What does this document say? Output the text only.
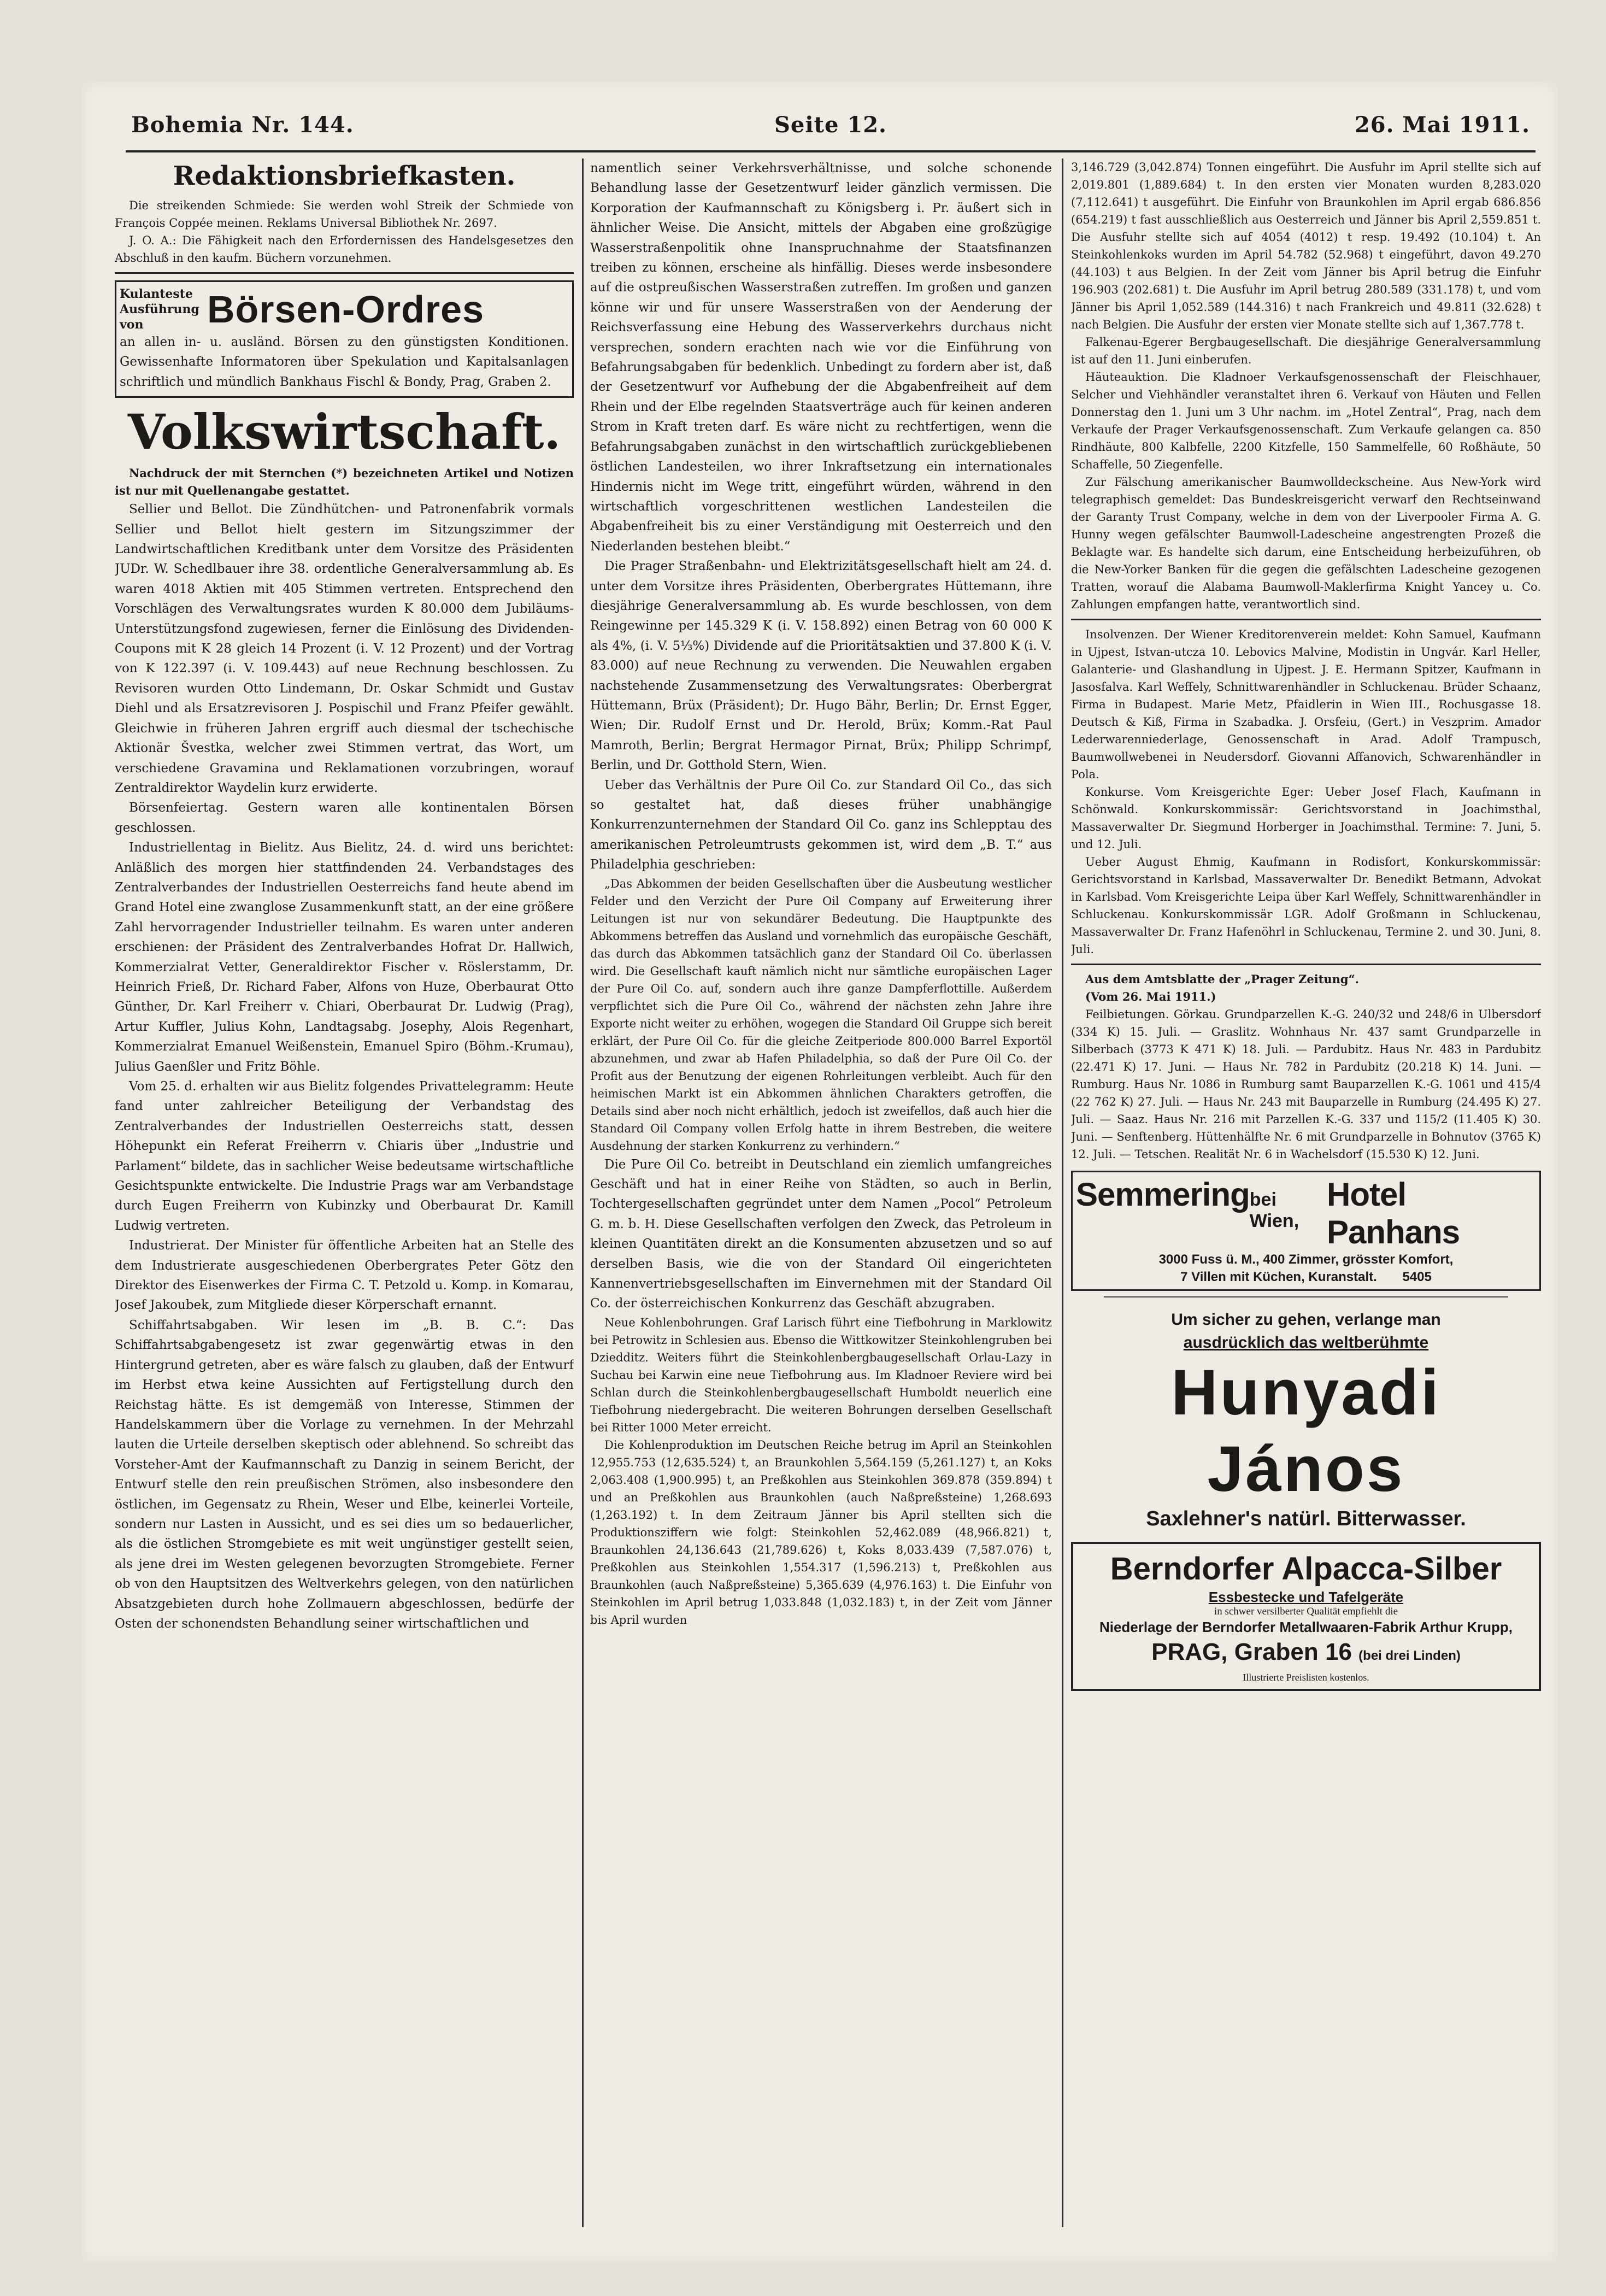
Bohemia Nr. 144.	Seite 12.	26. Mai 1911.
Redaktionsbriefkasten.

Die streikenden Schmiede: Sie werden wohl Streik der Schmiede von François Coppée meinen. Reklams Universal Bibliothek Nr. 2697.

J. O. A.: Die Fähigkeit nach den Erfordernissen des Handelsgesetzes den Abschluß in den kaufm. Büchern vorzunehmen.

Kulanteste Ausführung von	Börsen-Ordres

an allen in- u. ausländ. Börsen zu den günstigsten Konditionen. Gewissenhafte Informatoren über Spekulation und Kapitalsanlagen schriftlich und mündlich Bankhaus Fischl & Bondy, Prag, Graben 2.

Volkswirtschaft.

Nachdruck der mit Sternchen (*) bezeichneten Artikel und Notizen ist nur mit Quellenangabe gestattet.

Sellier und Bellot. Die Zündhütchen- und Patronenfabrik vormals Sellier und Bellot hielt gestern im Sitzungszimmer der Landwirtschaftlichen Kreditbank unter dem Vorsitze des Präsidenten JUDr. W. Schedlbauer ihre 38. ordentliche Generalversammlung ab. Es waren 4018 Aktien mit 405 Stimmen vertreten. Entsprechend den Vorschlägen des Verwaltungsrates wurden K 80.000 dem Jubiläums-Unterstützungsfond zugewiesen, ferner die Einlösung des Dividenden-Coupons mit K 28 gleich 14 Prozent (i. V. 12 Prozent) und der Vortrag von K 122.397 (i. V. 109.443) auf neue Rechnung beschlossen. Zu Revisoren wurden Otto Lindemann, Dr. Oskar Schmidt und Gustav Diehl und als Ersatzrevisoren J. Pospischil und Franz Pfeifer gewählt. Gleichwie in früheren Jahren ergriff auch diesmal der tschechische Aktionär Švestka, welcher zwei Stimmen vertrat, das Wort, um verschiedene Gravamina und Reklamationen vorzubringen, worauf Zentraldirektor Waydelin kurz erwiderte.

Börsenfeiertag. Gestern waren alle kontinentalen Börsen geschlossen.

Industriellentag in Bielitz. Aus Bielitz, 24. d. wird uns berichtet: Anläßlich des morgen hier stattfindenden 24. Verbandstages des Zentralverbandes der Industriellen Oesterreichs fand heute abend im Grand Hotel eine zwanglose Zusammenkunft statt, an der eine größere Zahl hervorragender Industrieller teilnahm. Es waren unter anderen erschienen: der Präsident des Zentralverbandes Hofrat Dr. Hallwich, Kommerzialrat Vetter, Generaldirektor Fischer v. Röslerstamm, Dr. Heinrich Frieß, Dr. Richard Faber, Alfons von Huze, Oberbaurat Otto Günther, Dr. Karl Freiherr v. Chiari, Oberbaurat Dr. Ludwig (Prag), Artur Kuffler, Julius Kohn, Landtagsabg. Josephy, Alois Regenhart, Kommerzialrat Emanuel Weißenstein, Emanuel Spiro (Böhm.-Krumau), Julius Gaenßler und Fritz Böhle.

Vom 25. d. erhalten wir aus Bielitz folgendes Privattelegramm: Heute fand unter zahlreicher Beteiligung der Verbandstag des Zentralverbandes der Industriellen Oesterreichs statt, dessen Höhepunkt ein Referat Freiherrn v. Chiaris über „Industrie und Parlament“ bildete, das in sachlicher Weise bedeutsame wirtschaftliche Gesichtspunkte entwickelte. Die Industrie Prags war am Verbandstage durch Eugen Freiherrn von Kubinzky und Oberbaurat Dr. Kamill Ludwig vertreten.

Industrierat. Der Minister für öffentliche Arbeiten hat an Stelle des dem Industrierate ausgeschiedenen Oberbergrates Peter Götz den Direktor des Eisenwerkes der Firma C. T. Petzold u. Komp. in Komarau, Josef Jakoubek, zum Mitgliede dieser Körperschaft ernannt.

Schiffahrtsabgaben. Wir lesen im „B. B. C.“: Das Schiffahrtsabgabengesetz ist zwar gegenwärtig etwas in den Hintergrund getreten, aber es wäre falsch zu glauben, daß der Entwurf im Herbst etwa keine Aussichten auf Fertigstellung durch den Reichstag hätte. Es ist demgemäß von Interesse, Stimmen der Handelskammern über die Vorlage zu vernehmen. In der Mehrzahl lauten die Urteile derselben skeptisch oder ablehnend. So schreibt das Vorsteher-Amt der Kaufmannschaft zu Danzig in seinem Bericht, der Entwurf stelle den rein preußischen Strömen, also insbesondere den östlichen, im Gegensatz zu Rhein, Weser und Elbe, keinerlei Vorteile, sondern nur Lasten in Aussicht, und es sei dies um so bedauerlicher, als die östlichen Stromgebiete es mit weit ungünstiger gestellt seien, als jene drei im Westen gelegenen bevorzugten Stromgebiete. Ferner ob von den Hauptsitzen des Weltverkehrs gelegen, von den natürlichen Absatzgebieten durch hohe Zollmauern abgeschlossen, bedürfe der Osten der schonendsten Behandlung seiner wirtschaftlichen und

namentlich seiner Verkehrsverhältnisse, und solche schonende Behandlung lasse der Gesetzentwurf leider gänzlich vermissen. Die Korporation der Kaufmannschaft zu Königsberg i. Pr. äußert sich in ähnlicher Weise. Die Ansicht, mittels der Abgaben eine großzügige Wasserstraßenpolitik ohne Inanspruchnahme der Staatsfinanzen treiben zu können, erscheine als hinfällig. Dieses werde insbesondere auf die ostpreußischen Wasserstraßen zutreffen. Im großen und ganzen könne wir und für unsere Wasserstraßen von der Aenderung der Reichsverfassung eine Hebung des Wasserverkehrs durchaus nicht versprechen, sondern erachten nach wie vor die Einführung von Befahrungsabgaben für bedenklich. Unbedingt zu fordern aber ist, daß der Gesetzentwurf vor Aufhebung der die Abgabenfreiheit auf dem Rhein und der Elbe regelnden Staatsverträge auch für keinen anderen Strom in Kraft treten darf. Es wäre nicht zu rechtfertigen, wenn die Befahrungsabgaben zunächst in den wirtschaftlich zurückgebliebenen östlichen Landesteilen, wo ihrer Inkraftsetzung ein internationales Hindernis nicht im Wege tritt, eingeführt würden, während in den wirtschaftlich vorgeschrittenen westlichen Landesteilen die Abgabenfreiheit bis zu einer Verständigung mit Oesterreich und den Niederlanden bestehen bleibt.“

Die Prager Straßenbahn- und Elektrizitätsgesellschaft hielt am 24. d. unter dem Vorsitze ihres Präsidenten, Oberbergrates Hüttemann, ihre diesjährige Generalversammlung ab. Es wurde beschlossen, von dem Reingewinne per 145.329 K (i. V. 158.892) einen Betrag von 60 000 K als 4%, (i. V. 5⅓%) Dividende auf die Prioritätsaktien und 37.800 K (i. V. 83.000) auf neue Rechnung zu verwenden. Die Neuwahlen ergaben nachstehende Zusammensetzung des Verwaltungsrates: Oberbergrat Hüttemann, Brüx (Präsident); Dr. Hugo Bähr, Berlin; Dr. Ernst Egger, Wien; Dir. Rudolf Ernst und Dr. Herold, Brüx; Komm.-Rat Paul Mamroth, Berlin; Bergrat Hermagor Pirnat, Brüx; Philipp Schrimpf, Berlin, und Dr. Gotthold Stern, Wien.

Ueber das Verhältnis der Pure Oil Co. zur Standard Oil Co., das sich so gestaltet hat, daß dieses früher unabhängige Konkurrenzunternehmen der Standard Oil Co. ganz ins Schlepptau des amerikanischen Petroleumtrusts gekommen ist, wird dem „B. T.“ aus Philadelphia geschrieben:

„Das Abkommen der beiden Gesellschaften über die Ausbeutung westlicher Felder und den Verzicht der Pure Oil Company auf Erweiterung ihrer Leitungen ist nur von sekundärer Bedeutung. Die Hauptpunkte des Abkommens betreffen das Ausland und vornehmlich das europäische Geschäft, das durch das Abkommen tatsächlich ganz der Standard Oil Co. überlassen wird. Die Gesellschaft kauft nämlich nicht nur sämtliche europäischen Lager der Pure Oil Co. auf, sondern auch ihre ganze Dampferflottille. Außerdem verpflichtet sich die Pure Oil Co., während der nächsten zehn Jahre ihre Exporte nicht weiter zu erhöhen, wogegen die Standard Oil Gruppe sich bereit erklärt, der Pure Oil Co. für die gleiche Zeitperiode 800.000 Barrel Exportöl abzunehmen, und zwar ab Hafen Philadelphia, so daß der Pure Oil Co. der Profit aus der Benutzung der eigenen Rohrleitungen verbleibt. Auch für den heimischen Markt ist ein Abkommen ähnlichen Charakters getroffen, die Details sind aber noch nicht erhältlich, jedoch ist zweifellos, daß auch hier die Standard Oil Company vollen Erfolg hatte in ihrem Bestreben, die weitere Ausdehnung der starken Konkurrenz zu verhindern.“

Die Pure Oil Co. betreibt in Deutschland ein ziemlich umfangreiches Geschäft und hat in einer Reihe von Städten, so auch in Berlin, Tochtergesellschaften gegründet unter dem Namen „Pocol“ Petroleum G. m. b. H. Diese Gesellschaften verfolgen den Zweck, das Petroleum in kleinen Quantitäten direkt an die Konsumenten abzusetzen und so auf derselben Basis, wie die von der Standard Oil eingerichteten Kannenvertriebsgesellschaften im Einvernehmen mit der Standard Oil Co. der österreichischen Konkurrenz das Geschäft abzugraben.

Neue Kohlenbohrungen. Graf Larisch führt eine Tiefbohrung in Marklowitz bei Petrowitz in Schlesien aus. Ebenso die Wittkowitzer Steinkohlengruben bei Dziedditz. Weiters führt die Steinkohlenbergbaugesellschaft Orlau-Lazy in Suchau bei Karwin eine neue Tiefbohrung aus. Im Kladnoer Reviere wird bei Schlan durch die Steinkohlenbergbaugesellschaft Humboldt neuerlich eine Tiefbohrung niedergebracht. Die weiteren Bohrungen derselben Gesellschaft bei Ritter 1000 Meter erreicht.

Die Kohlenproduktion im Deutschen Reiche betrug im April an Steinkohlen 12,955.753 (12,635.524) t, an Braunkohlen 5,564.159 (5,261.127) t, an Koks 2,063.408 (1,900.995) t, an Preßkohlen aus Steinkohlen 369.878 (359.894) t und an Preßkohlen aus Braunkohlen (auch Naßpreßsteine) 1,268.693 (1,263.192) t. In dem Zeitraum Jänner bis April stellten sich die Produktionsziffern wie folgt: Steinkohlen 52,462.089 (48,966.821) t, Braunkohlen 24,136.643 (21,789.626) t, Koks 8,033.439 (7,587.076) t, Preßkohlen aus Steinkohlen 1,554.317 (1,596.213) t, Preßkohlen aus Braunkohlen (auch Naßpreßsteine) 5,365.639 (4,976.163) t. Die Einfuhr von Steinkohlen im April betrug 1,033.848 (1,032.183) t, in der Zeit vom Jänner bis April wurden

3,146.729 (3,042.874) Tonnen eingeführt. Die Ausfuhr im April stellte sich auf 2,019.801 (1,889.684) t. In den ersten vier Monaten wurden 8,283.020 (7,112.641) t ausgeführt. Die Einfuhr von Braunkohlen im April ergab 686.856 (654.219) t fast ausschließlich aus Oesterreich und Jänner bis April 2,559.851 t. Die Ausfuhr stellte sich auf 4054 (4012) t resp. 19.492 (10.104) t. An Steinkohlenkoks wurden im April 54.782 (52.968) t eingeführt, davon 49.270 (44.103) t aus Belgien. In der Zeit vom Jänner bis April betrug die Einfuhr 196.903 (202.681) t. Die Ausfuhr im April betrug 280.589 (331.178) t, und vom Jänner bis April 1,052.589 (144.316) t nach Frankreich und 49.811 (32.628) t nach Belgien. Die Ausfuhr der ersten vier Monate stellte sich auf 1,367.778 t.

Falkenau-Egerer Bergbaugesellschaft. Die diesjährige Generalversammlung ist auf den 11. Juni einberufen.

Häuteauktion. Die Kladnoer Verkaufsgenossenschaft der Fleischhauer, Selcher und Viehhändler veranstaltet ihren 6. Verkauf von Häuten und Fellen Donnerstag den 1. Juni um 3 Uhr nachm. im „Hotel Zentral“, Prag, nach dem Verkaufe der Prager Verkaufsgenossenschaft. Zum Verkaufe gelangen ca. 850 Rindhäute, 800 Kalbfelle, 2200 Kitzfelle, 150 Sammelfelle, 60 Roßhäute, 50 Schaffelle, 50 Ziegenfelle.

Zur Fälschung amerikanischer Baumwolldeckscheine. Aus New-York wird telegraphisch gemeldet: Das Bundeskreisgericht verwarf den Rechtseinwand der Garanty Trust Company, welche in dem von der Liverpooler Firma A. G. Hunny wegen gefälschter Baumwoll-Ladescheine angestrengten Prozeß die Beklagte war. Es handelte sich darum, eine Entscheidung herbeizuführen, ob die New-Yorker Banken für die gegen die gefälschten Ladescheine gezogenen Tratten, worauf die Alabama Baumwoll-Maklerfirma Knight Yancey u. Co. Zahlungen empfangen hatte, verantwortlich sind.

Insolvenzen. Der Wiener Kreditorenverein meldet: Kohn Samuel, Kaufmann in Ujpest, Istvan-utcza 10. Lebovics Malvine, Modistin in Ungvár. Karl Heller, Galanterie- und Glashandlung in Ujpest. J. E. Hermann Spitzer, Kaufmann in Jasosfalva. Karl Weffely, Schnittwarenhändler in Schluckenau. Brüder Schaanz, Firma in Budapest. Marie Metz, Pfaidlerin in Wien III., Rochusgasse 18. Deutsch & Kiß, Firma in Szabadka. J. Orsfeiu, (Gert.) in Veszprim. Amador Lederwarenniederlage, Genossenschaft in Arad. Adolf Trampusch, Baumwollwebenei in Neudersdorf. Giovanni Affanovich, Schwarenhändler in Pola.

Konkurse. Vom Kreisgerichte Eger: Ueber Josef Flach, Kaufmann in Schönwald. Konkurskommissär: Gerichtsvorstand in Joachimsthal, Massaverwalter Dr. Siegmund Horberger in Joachimsthal. Termine: 7. Juni, 5. und 12. Juli.

Ueber August Ehmig, Kaufmann in Rodisfort, Konkurskommissär: Gerichtsvorstand in Karlsbad, Massaverwalter Dr. Benedikt Betmann, Advokat in Karlsbad. Vom Kreisgerichte Leipa über Karl Weffely, Schnittwarenhändler in Schluckenau. Konkurskommissär LGR. Adolf Großmann in Schluckenau, Massaverwalter Dr. Franz Hafenöhrl in Schluckenau, Termine 2. und 30. Juni, 8. Juli.

Aus dem Amtsblatte der „Prager Zeitung“.

(Vom 26. Mai 1911.)

Feilbietungen. Görkau. Grundparzellen K.-G. 240/32 und 248/6 in Ulbersdorf (334 K) 15. Juli. — Graslitz. Wohnhaus Nr. 437 samt Grundparzelle in Silberbach (3773 K 471 K) 18. Juli. — Pardubitz. Haus Nr. 483 in Pardubitz (22.471 K) 17. Juni. — Haus Nr. 782 in Pardubitz (20.218 K) 14. Juni. — Rumburg. Haus Nr. 1086 in Rumburg samt Bauparzellen K.-G. 1061 und 415/4 (22 762 K) 27. Juli. — Haus Nr. 243 mit Bauparzelle in Rumburg (24.495 K) 27. Juli. — Saaz. Haus Nr. 216 mit Parzellen K.-G. 337 und 115/2 (11.405 K) 30. Juni. — Senftenberg. Hüttenhälfte Nr. 6 mit Grundparzelle in Bohnutov (3765 K) 12. Juli. — Tetschen. Realität Nr. 6 in Wachelsdorf (15.530 K) 12. Juni.

Semmering bei Wien,
Hotel Panhans
3000 Fuss ü. M., 400 Zimmer, grösster Komfort,
7 Villen mit Küchen, Kuranstalt. 5405
Um sicher zu gehen, verlange man
ausdrücklich das weltberühmte
Hunyadi János
Saxlehner's natürl. Bitterwasser.
Berndorfer Alpacca-Silber
Essbestecke und Tafelgeräte
in schwer versilberter Qualität empfiehlt die
Niederlage der Berndorfer Metallwaaren-Fabrik Arthur Krupp,
PRAG, Graben 16 (bei drei Linden)
Illustrierte Preislisten kostenlos.
